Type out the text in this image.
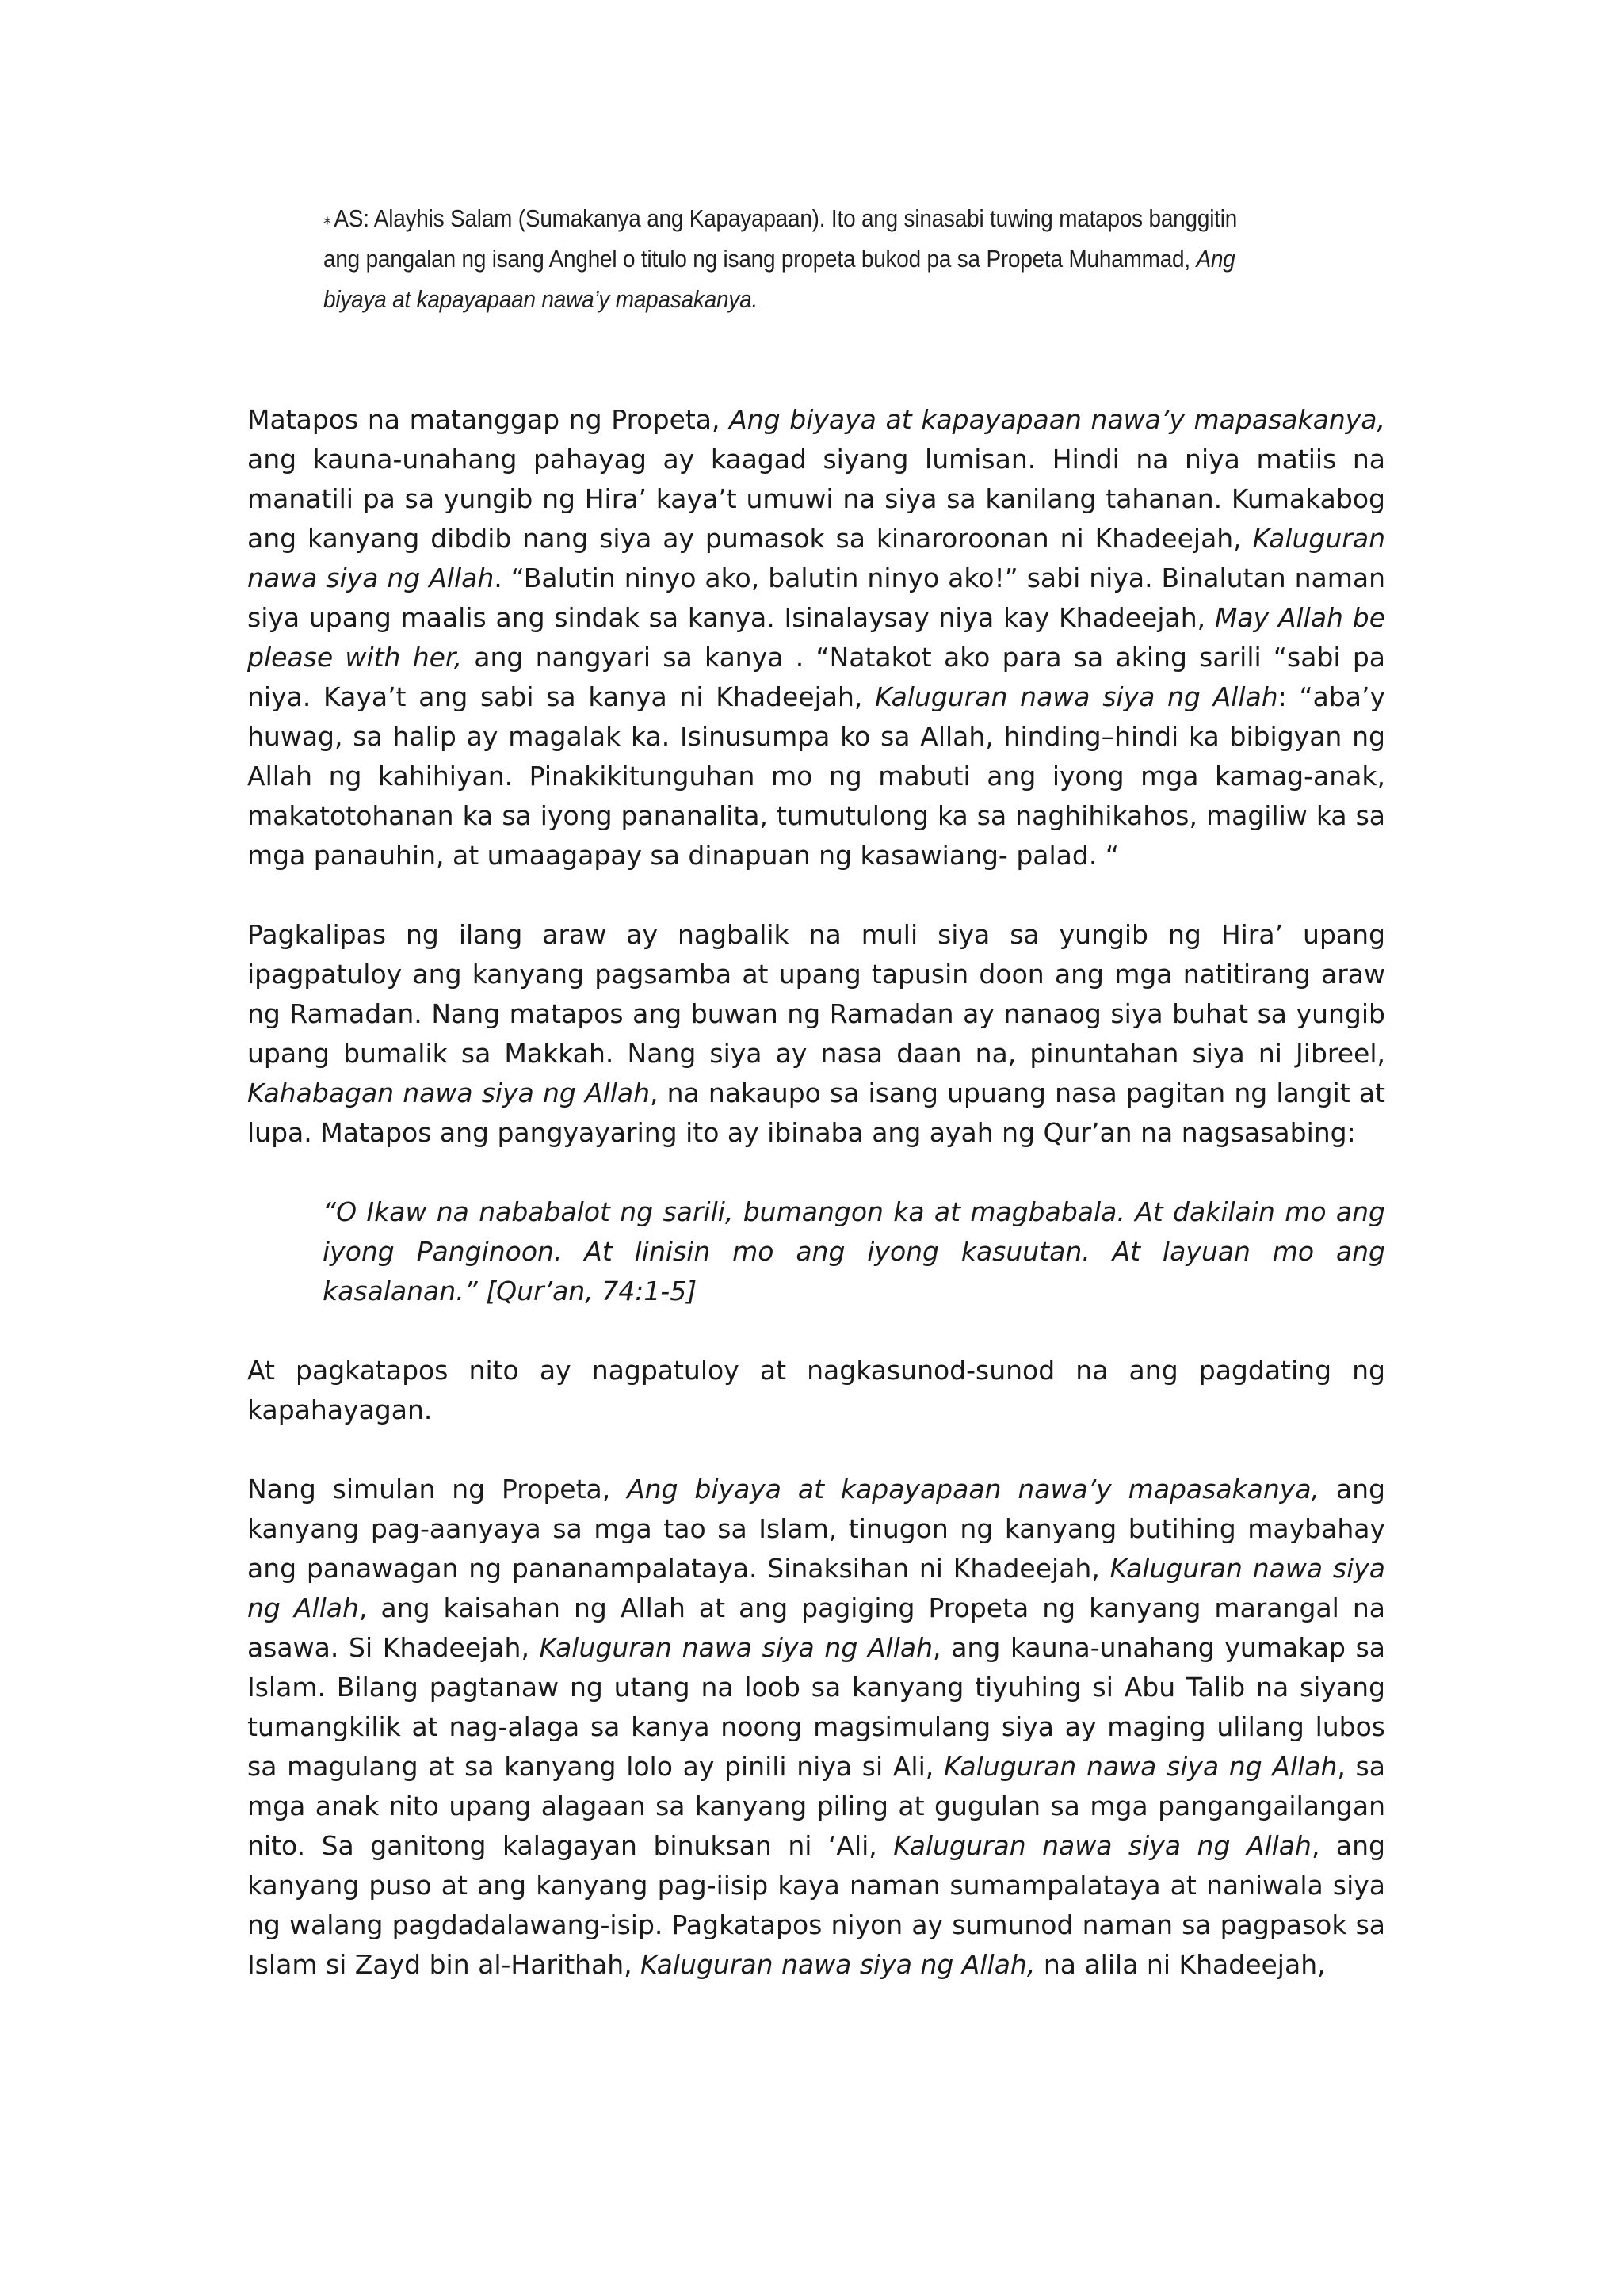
⁎ AS: Alayhis Salam (Sumakanya ang Kapayapaan). Ito ang sinasabi tuwing matapos banggitin ang pangalan ng isang Anghel o titulo ng isang propeta bukod pa sa Propeta Muhammad, Ang biyaya at kapayapaan nawa’y mapasakanya.

Matapos na matanggap ng Propeta, Ang biyaya at kapayapaan nawa’y mapasakanya, ang kauna-unahang pahayag ay kaagad siyang lumisan. Hindi na niya matiis na manatili pa sa yungib ng Hira’ kaya’t umuwi na siya sa kanilang tahanan. Kumakabog ang kanyang dibdib nang siya ay pumasok sa kinaroroonan ni Khadeejah, Kaluguran nawa siya ng Allah. “Balutin ninyo ako, balutin ninyo ako!” sabi niya. Binalutan naman siya upang maalis ang sindak sa kanya. Isinalaysay niya kay Khadeejah, May Allah be please with her, ang nangyari sa kanya . “Natakot ako para sa aking sarili “sabi pa niya. Kaya’t ang sabi sa kanya ni Khadeejah, Kaluguran nawa siya ng Allah: “aba’y huwag, sa halip ay magalak ka. Isinusumpa ko sa Allah, hinding–hindi ka bibigyan ng Allah ng kahihiyan. Pinakikitunguhan mo ng mabuti ang iyong mga kamag-anak, makatotohanan ka sa iyong pananalita, tumutulong ka sa naghihikahos, magiliw ka sa mga panauhin, at umaagapay sa dinapuan ng kasawiang- palad. “

Pagkalipas ng ilang araw ay nagbalik na muli siya sa yungib ng Hira’ upang ipagpatuloy ang kanyang pagsamba at upang tapusin doon ang mga natitirang araw ng Ramadan. Nang matapos ang buwan ng Ramadan ay nanaog siya buhat sa yungib upang bumalik sa Makkah. Nang siya ay nasa daan na, pinuntahan siya ni Jibreel, Kahabagan nawa siya ng Allah, na nakaupo sa isang upuang nasa pagitan ng langit at lupa. Matapos ang pangyayaring ito ay ibinaba ang ayah ng Qur’an na nagsasabing:

“O Ikaw na nababalot ng sarili, bumangon ka at magbabala. At dakilain mo ang iyong Panginoon. At linisin mo ang iyong kasuutan. At layuan mo ang kasalanan.” [Qur’an, 74:1-5]

At pagkatapos nito ay nagpatuloy at nagkasunod-sunod na ang pagdating ng kapahayagan.

Nang simulan ng Propeta, Ang biyaya at kapayapaan nawa’y mapasakanya, ang kanyang pag-aanyaya sa mga tao sa Islam, tinugon ng kanyang butihing maybahay ang panawagan ng pananampalataya. Sinaksihan ni Khadeejah, Kaluguran nawa siya ng Allah, ang kaisahan ng Allah at ang pagiging Propeta ng kanyang marangal na asawa. Si Khadeejah, Kaluguran nawa siya ng Allah, ang kauna-unahang yumakap sa Islam. Bilang pagtanaw ng utang na loob sa kanyang tiyuhing si Abu Talib na siyang tumangkilik at nag-alaga sa kanya noong magsimulang siya ay maging ulilang lubos sa magulang at sa kanyang lolo ay pinili niya si Ali, Kaluguran nawa siya ng Allah, sa mga anak nito upang alagaan sa kanyang piling at gugulan sa mga pangangailangan nito. Sa ganitong kalagayan binuksan ni ‘Ali, Kaluguran nawa siya ng Allah, ang kanyang puso at ang kanyang pag-iisip kaya naman sumampalataya at naniwala siya ng walang pagdadalawang-isip. Pagkatapos niyon ay sumunod naman sa pagpasok sa Islam si Zayd bin al-Harithah, Kaluguran nawa siya ng Allah, na alila ni Khadeejah,
